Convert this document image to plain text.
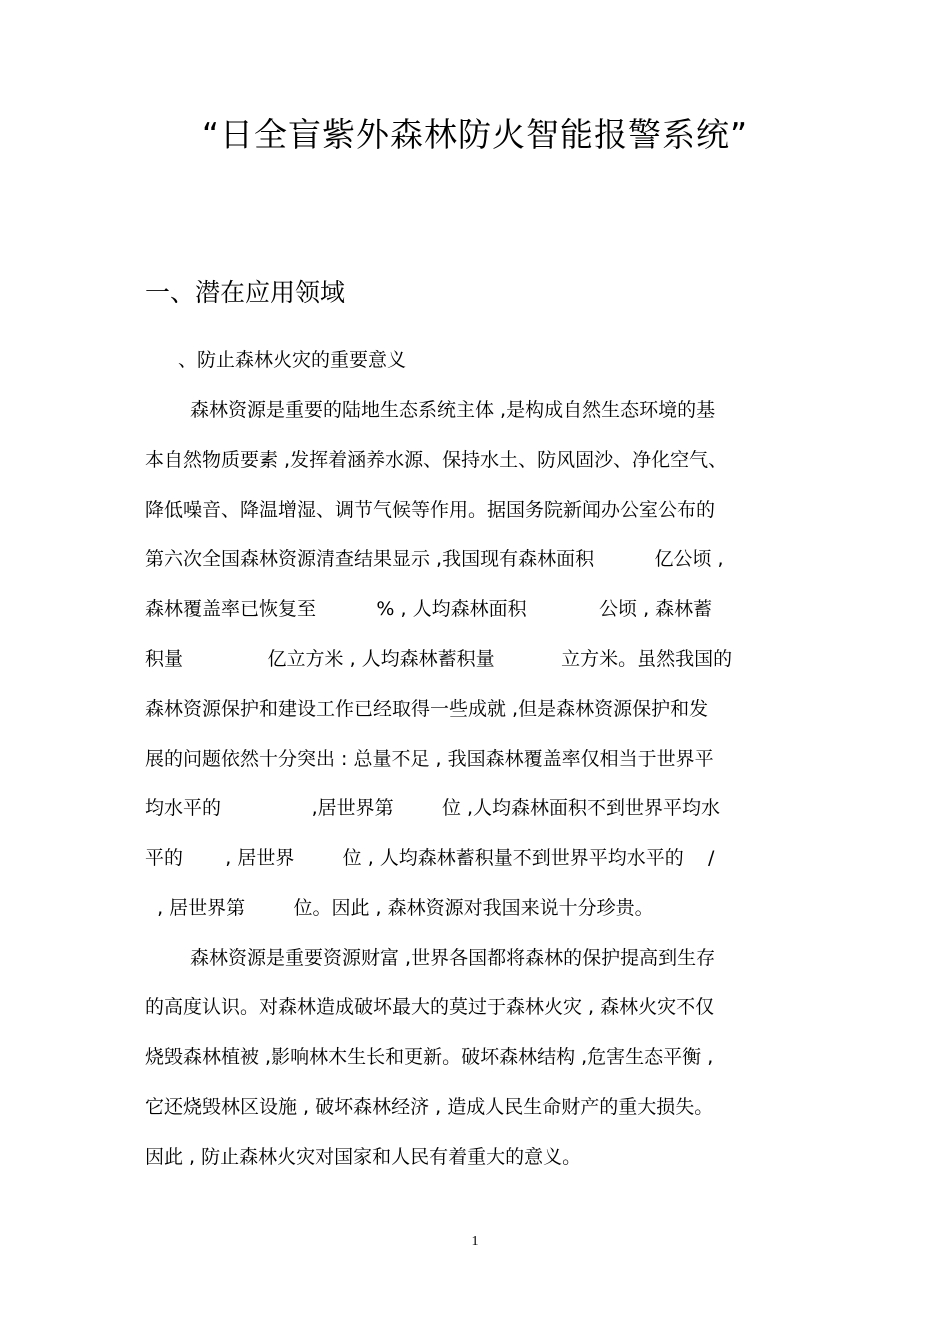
“日全盲紫外森林防火智能报警系统”
一、潜在应用领域
、防止森林火灾的重要意义
森林资源是重要的陆地生态系统主体 ,是构成自然生态环境的基
本自然物质要素 ,发挥着涵养水源、保持水土、防风固沙、净化空气、
降低噪音、降温增湿、调节气候等作用。据国务院新闻办公室公布的
第六次全国森林资源清查结果显示 ,我国现有森林面积          亿公顷 ,
森林覆盖率已恢复至          % , 人均森林面积            公顷 , 森林蓄
积量              亿立方米 , 人均森林蓄积量           立方米。虽然我国的
森林资源保护和建设工作已经取得一些成就 ,但是森林资源保护和发
展的问题依然十分突出 : 总量不足 , 我国森林覆盖率仅相当于世界平
均水平的               ,居世界第        位 ,人均森林面积不到世界平均水
平的       , 居世界        位 , 人均森林蓄积量不到世界平均水平的    /
, 居世界第        位。因此 , 森林资源对我国来说十分珍贵。
森林资源是重要资源财富 ,世界各国都将森林的保护提高到生存
的高度认识。对森林造成破坏最大的莫过于森林火灾 , 森林火灾不仅
烧毁森林植被 ,影响林木生长和更新。破坏森林结构 ,危害生态平衡 ,
它还烧毁林区设施 , 破坏森林经济 , 造成人民生命财产的重大损失。
因此 , 防止森林火灾对国家和人民有着重大的意义。
1
